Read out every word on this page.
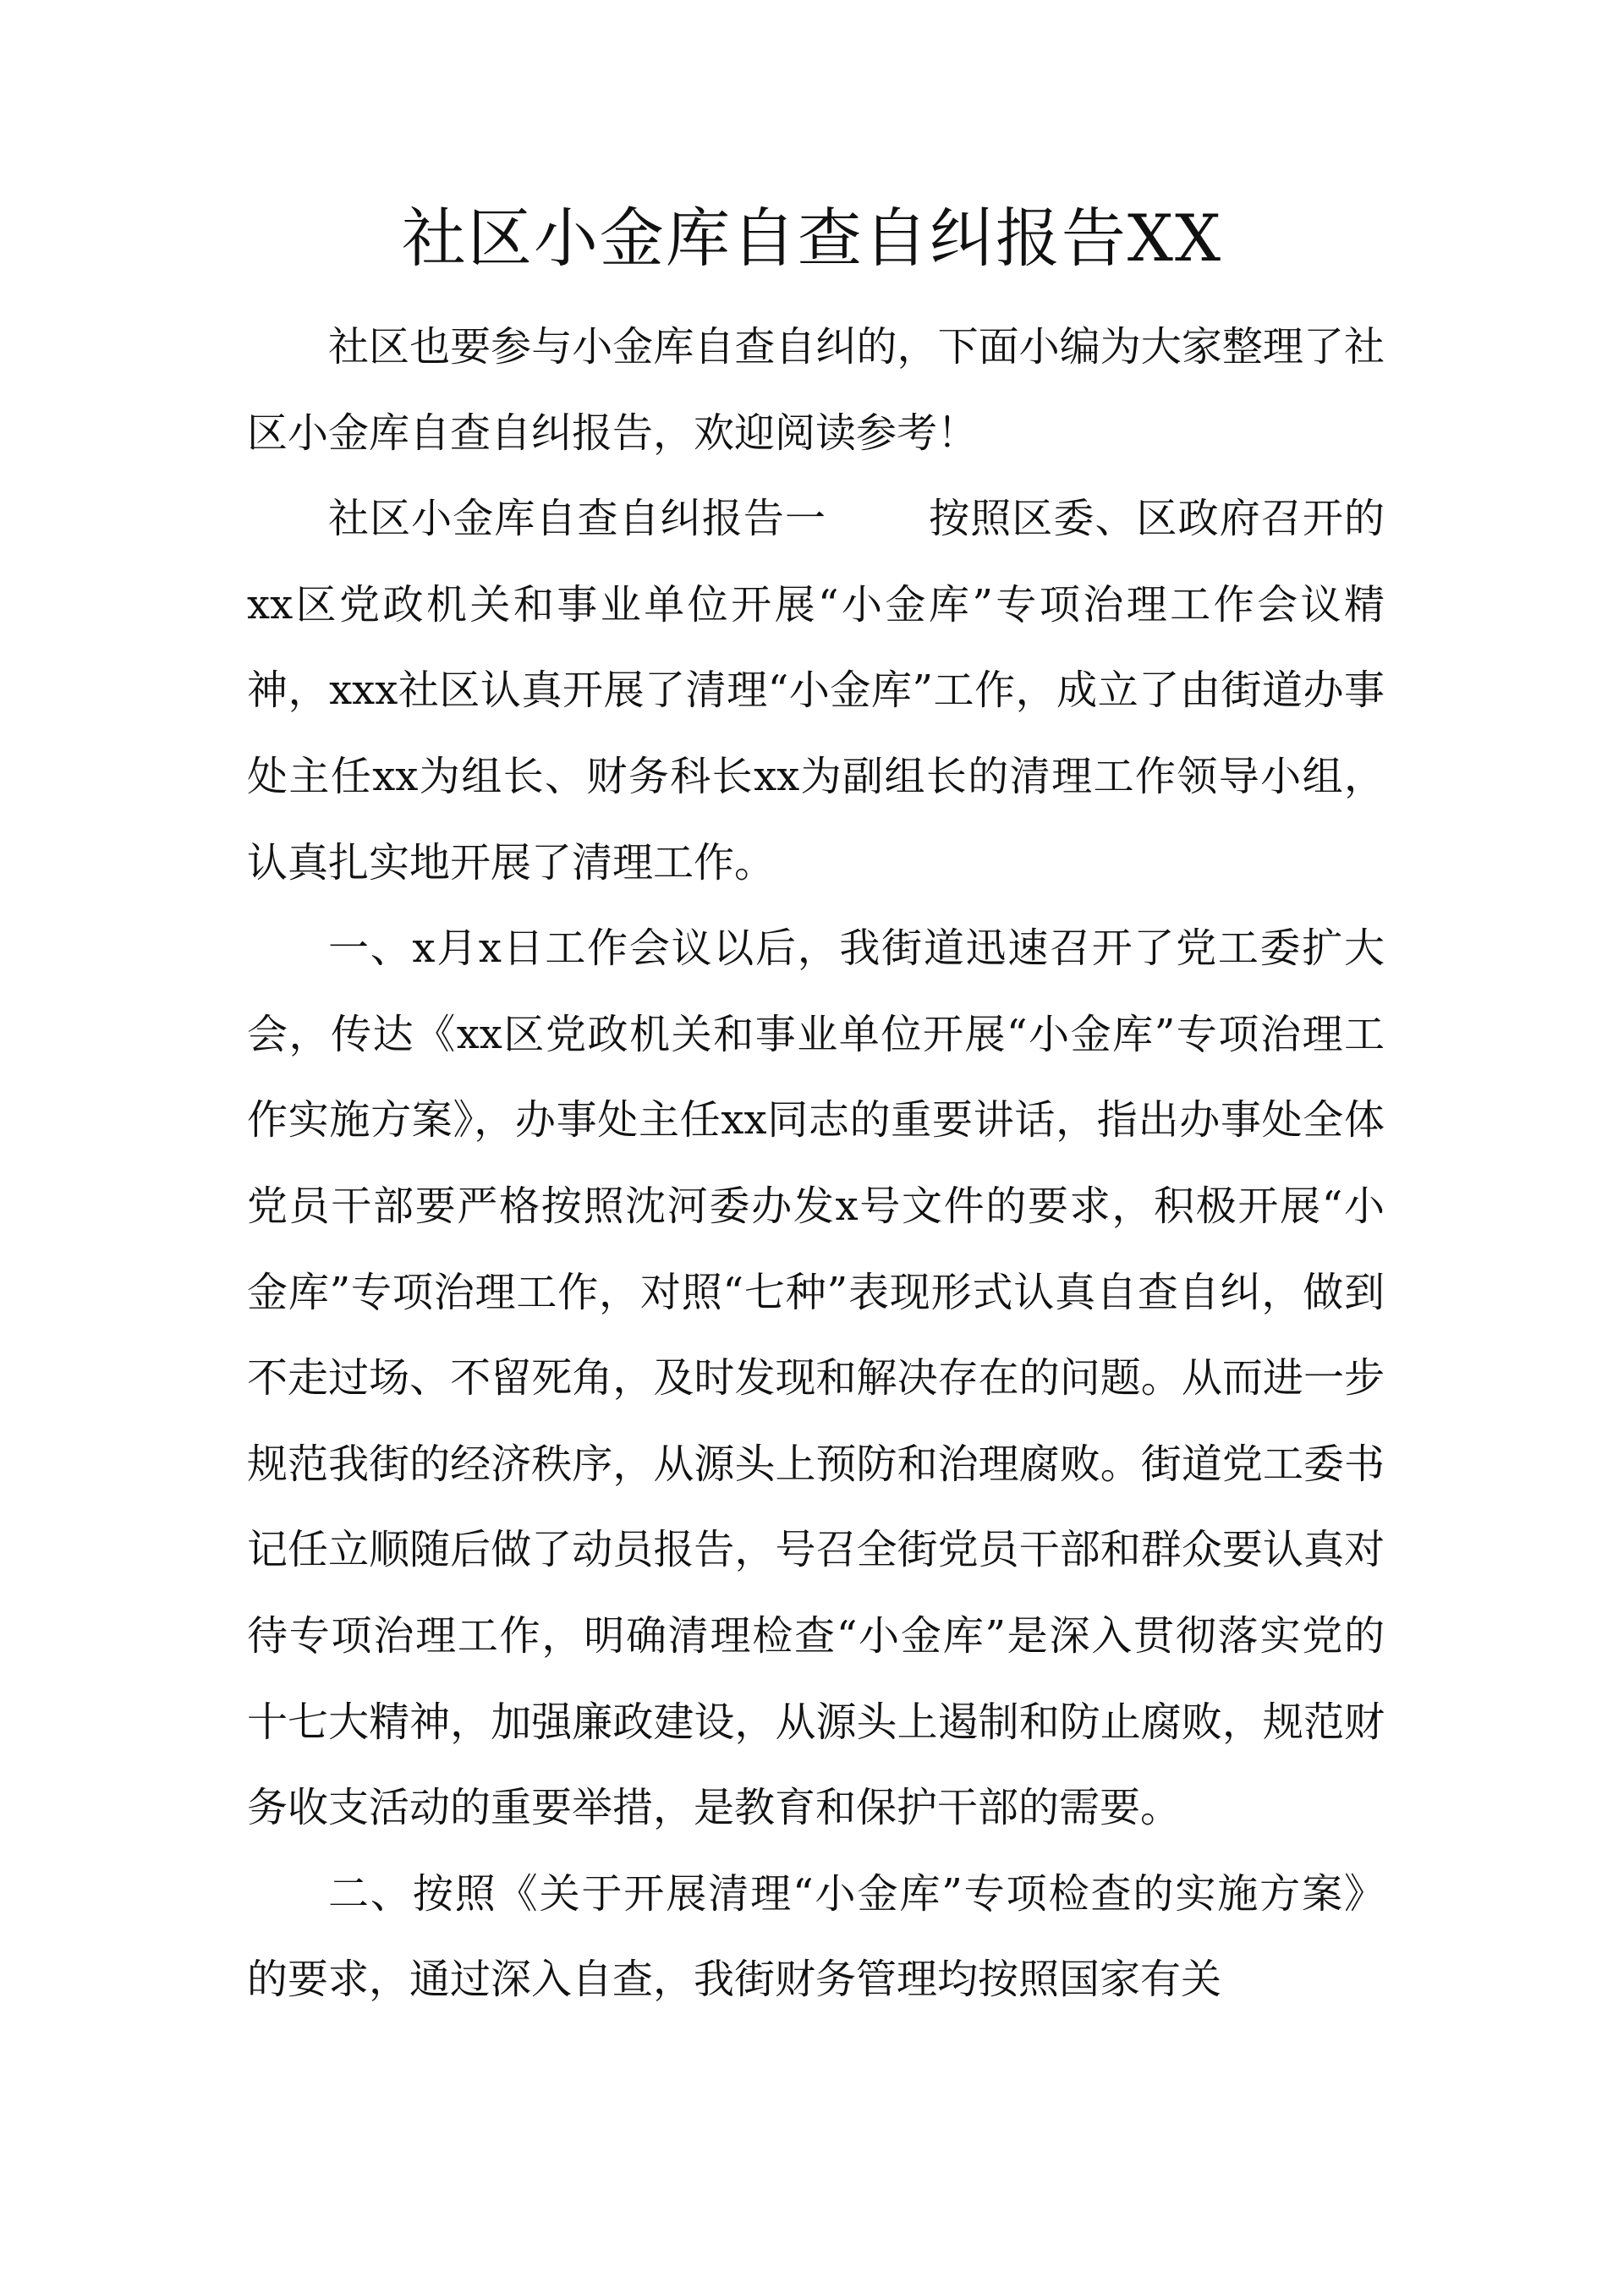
社区小金库自查自纠报告XX

社区也要参与小金库自查自纠的，下面小编为大家整理了社区小金库自查自纠报告，欢迎阅读参考！

社区小金库自查自纠报告一	按照区委、区政府召开的xx区党政机关和事业单位开展“小金库”专项治理工作会议精神，xxx社区认真开展了清理“小金库”工作，成立了由街道办事处主任xx为组长、财务科长xx为副组长的清理工作领导小组，认真扎实地开展了清理工作。

一、x月x日工作会议以后，我街道迅速召开了党工委扩大会，传达《xx区党政机关和事业单位开展“小金库”专项治理工作实施方案》，办事处主任xx同志的重要讲话，指出办事处全体党员干部要严格按照沈河委办发x号文件的要求，积极开展“小金库”专项治理工作，对照“七种”表现形式认真自查自纠，做到不走过场、不留死角，及时发现和解决存在的问题。从而进一步规范我街的经济秩序，从源头上预防和治理腐败。街道党工委书记任立顺随后做了动员报告，号召全街党员干部和群众要认真对待专项治理工作，明确清理检查“小金库”是深入贯彻落实党的十七大精神，加强廉政建设，从源头上遏制和防止腐败，规范财务收支活动的重要举措，是教育和保护干部的需要。

二、按照《关于开展清理“小金库”专项检查的实施方案》的要求，通过深入自查，我街财务管理均按照国家有关
